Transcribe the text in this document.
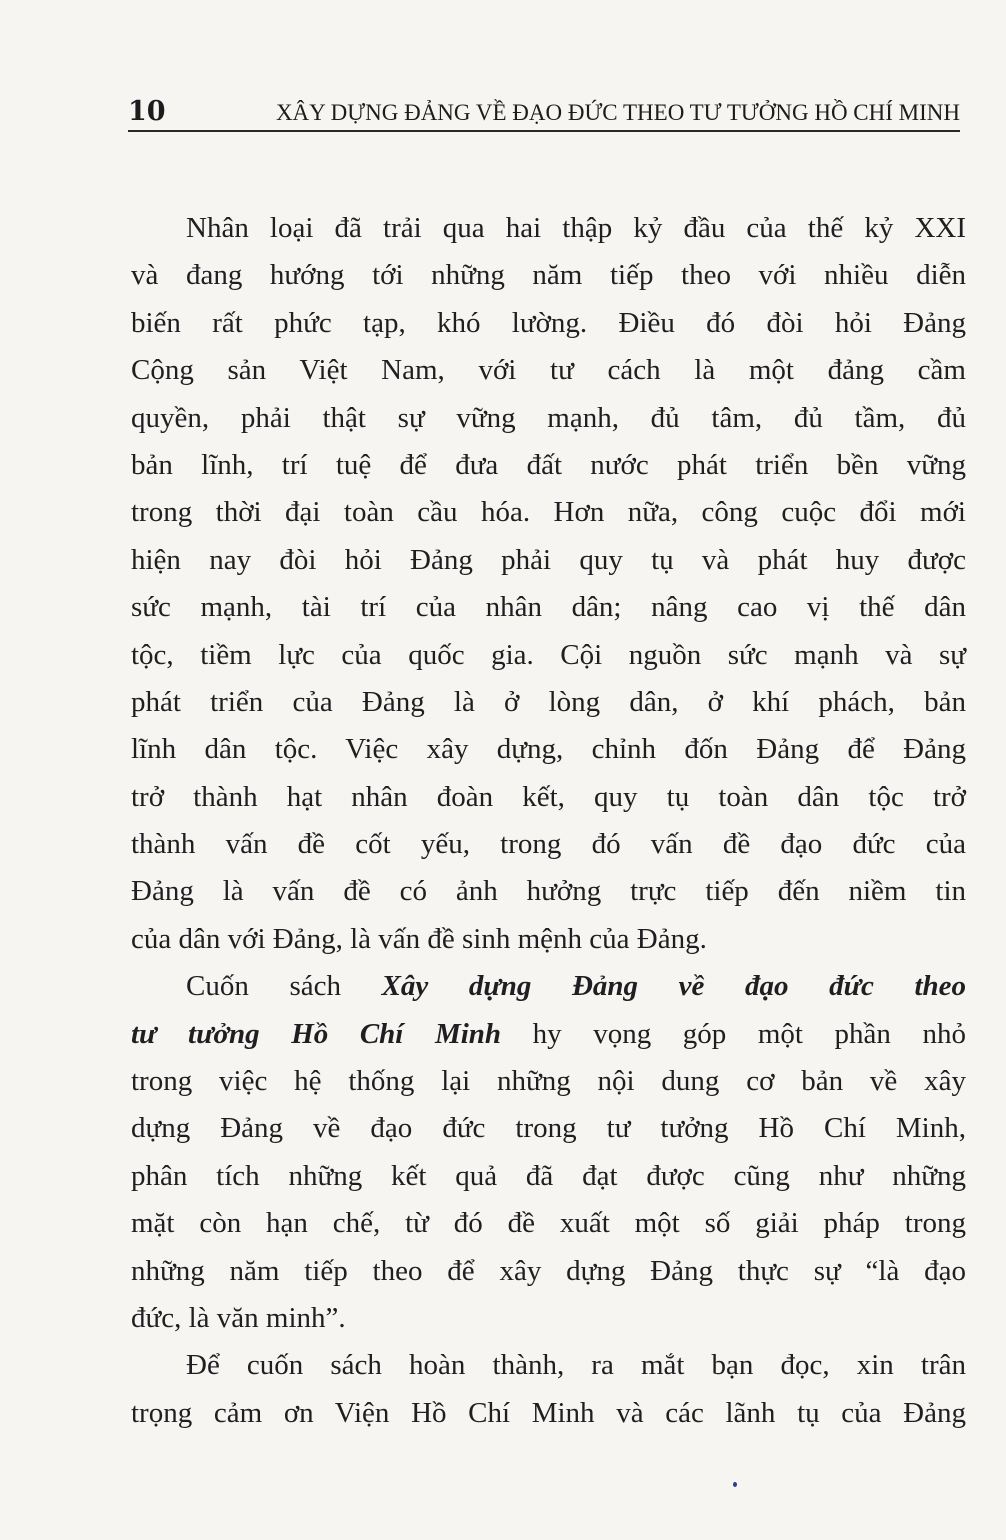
10	XÂY DỰNG ĐẢNG VỀ ĐẠO ĐỨC THEO TƯ TƯỞNG HỒ CHÍ MINH
Nhân loại đã trải qua hai thập kỷ đầu của thế kỷ XXI
và đang hướng tới những năm tiếp theo với nhiều diễn
biến rất phức tạp, khó lường. Điều đó đòi hỏi Đảng
Cộng sản Việt Nam, với tư cách là một đảng cầm
quyền, phải thật sự vững mạnh, đủ tâm, đủ tầm, đủ
bản lĩnh, trí tuệ để đưa đất nước phát triển bền vững
trong thời đại toàn cầu hóa. Hơn nữa, công cuộc đổi mới
hiện nay đòi hỏi Đảng phải quy tụ và phát huy được
sức mạnh, tài trí của nhân dân; nâng cao vị thế dân
tộc, tiềm lực của quốc gia. Cội nguồn sức mạnh và sự
phát triển của Đảng là ở lòng dân, ở khí phách, bản
lĩnh dân tộc. Việc xây dựng, chỉnh đốn Đảng để Đảng
trở thành hạt nhân đoàn kết, quy tụ toàn dân tộc trở
thành vấn đề cốt yếu, trong đó vấn đề đạo đức của
Đảng là vấn đề có ảnh hưởng trực tiếp đến niềm tin
của dân với Đảng, là vấn đề sinh mệnh của Đảng.
Cuốn sách Xây dựng Đảng về đạo đức theo
tư tưởng Hồ Chí Minh hy vọng góp một phần nhỏ
trong việc hệ thống lại những nội dung cơ bản về xây
dựng Đảng về đạo đức trong tư tưởng Hồ Chí Minh,
phân tích những kết quả đã đạt được cũng như những
mặt còn hạn chế, từ đó đề xuất một số giải pháp trong
những năm tiếp theo để xây dựng Đảng thực sự “là đạo
đức, là văn minh”.
Để cuốn sách hoàn thành, ra mắt bạn đọc, xin trân
trọng cảm ơn Viện Hồ Chí Minh và các lãnh tụ của Đảng
